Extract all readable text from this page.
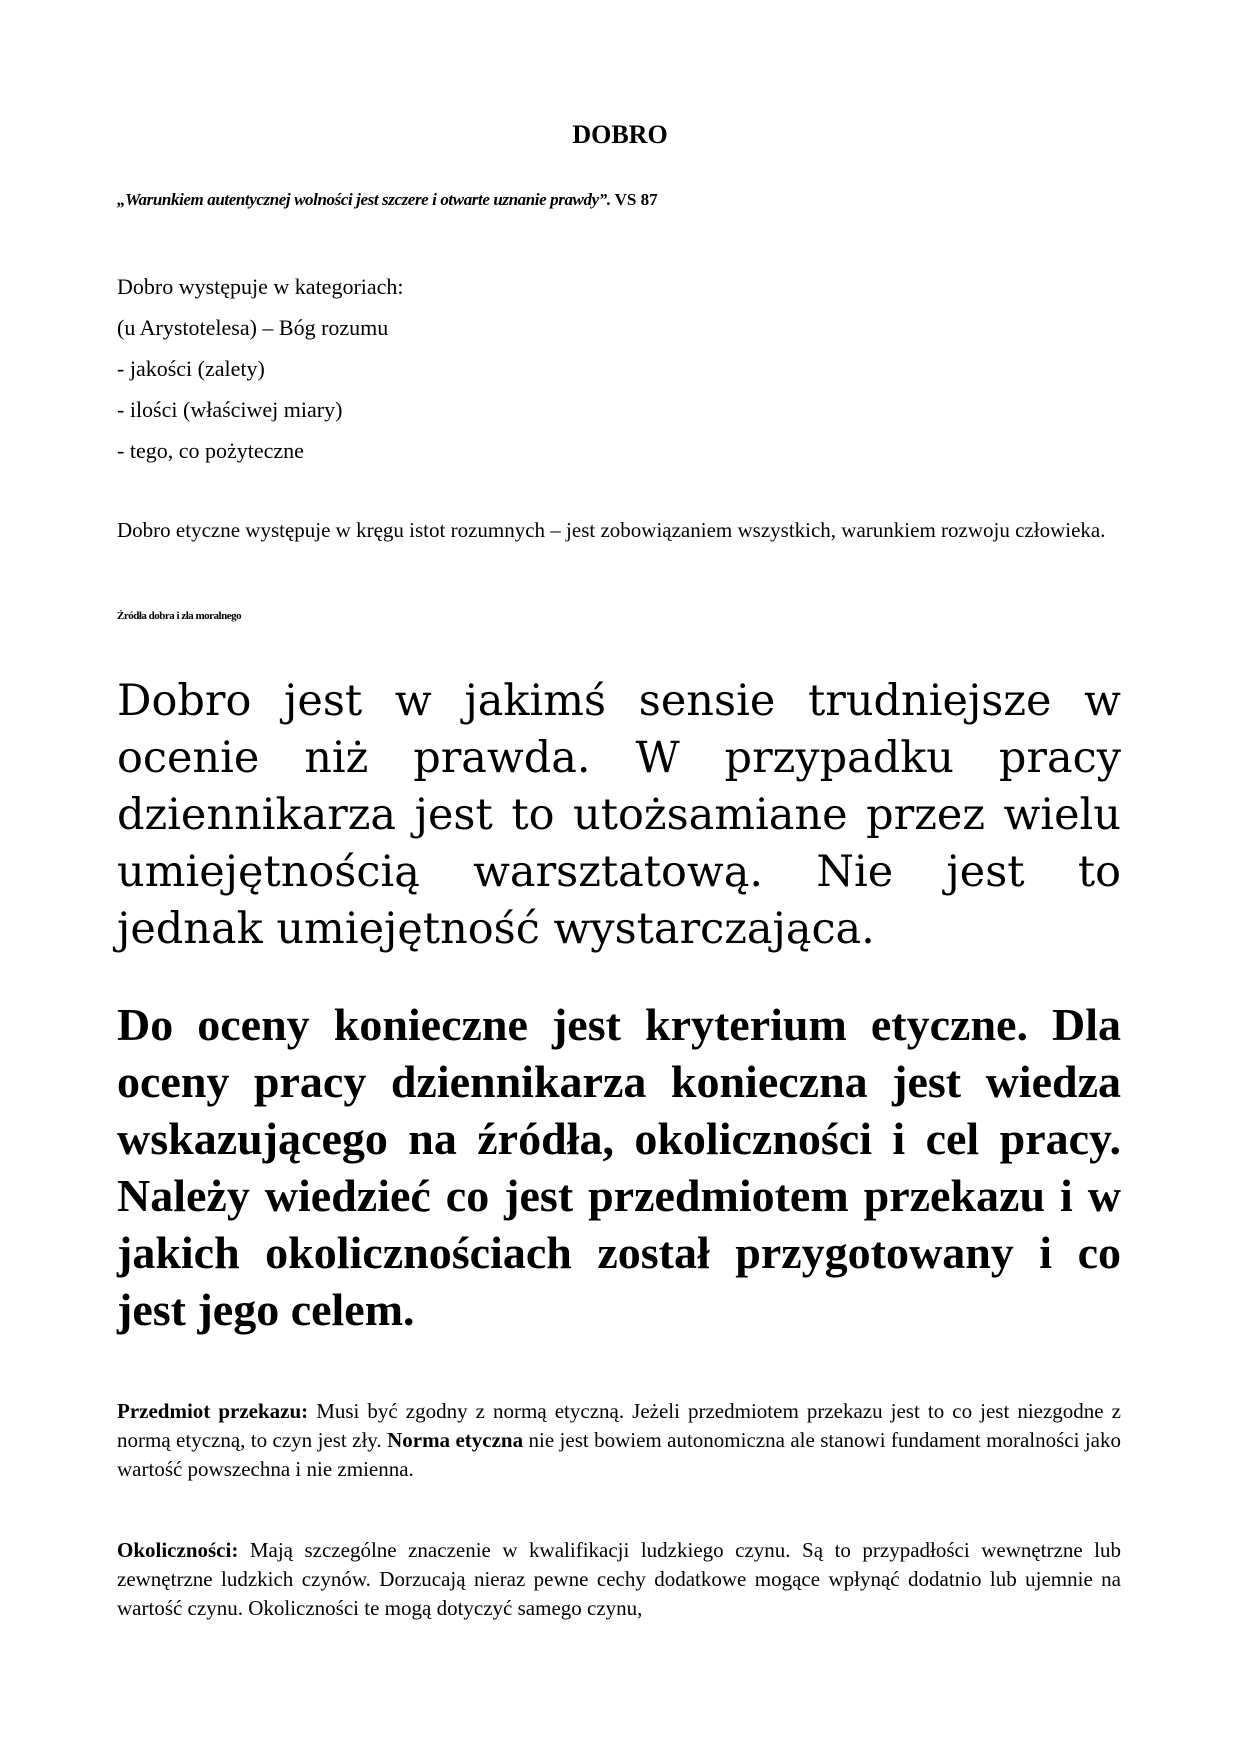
DOBRO
„Warunkiem autentycznej wolności jest szczere i otwarte uznanie prawdy”. VS 87
Dobro występuje w kategoriach:
(u Arystotelesa) – Bóg rozumu
- jakości (zalety)
- ilości (właściwej miary)
- tego, co pożyteczne
Dobro etyczne występuje w kręgu istot rozumnych – jest zobowiązaniem wszystkich, warunkiem rozwoju człowieka.
Źródła dobra i zła moralnego
Dobro jest w jakimś sensie trudniejsze w ocenie niż prawda. W przypadku pracy dziennikarza jest to utożsamiane przez wielu umiejętnością warsztatową. Nie jest to jednak umiejętność wystarczająca.
Do oceny konieczne jest kryterium etyczne. Dla oceny pracy dziennikarza konieczna jest wiedza wskazującego na źródła, okoliczności i cel pracy. Należy wiedzieć co jest przedmiotem przekazu i w jakich okolicznościach został przygotowany i co jest jego celem.
Przedmiot przekazu: Musi być zgodny z normą etyczną. Jeżeli przedmiotem przekazu jest to co jest niezgodne z normą etyczną, to czyn jest zły. Norma etyczna nie jest bowiem autonomiczna ale stanowi fundament moralności jako wartość powszechna i nie zmienna.
Okoliczności: Mają szczególne znaczenie w kwalifikacji ludzkiego czynu. Są to przypadłości wewnętrzne lub zewnętrzne ludzkich czynów. Dorzucają nieraz pewne cechy dodatkowe mogące wpłynąć dodatnio lub ujemnie na wartość czynu. Okoliczności te mogą dotyczyć samego czynu,
